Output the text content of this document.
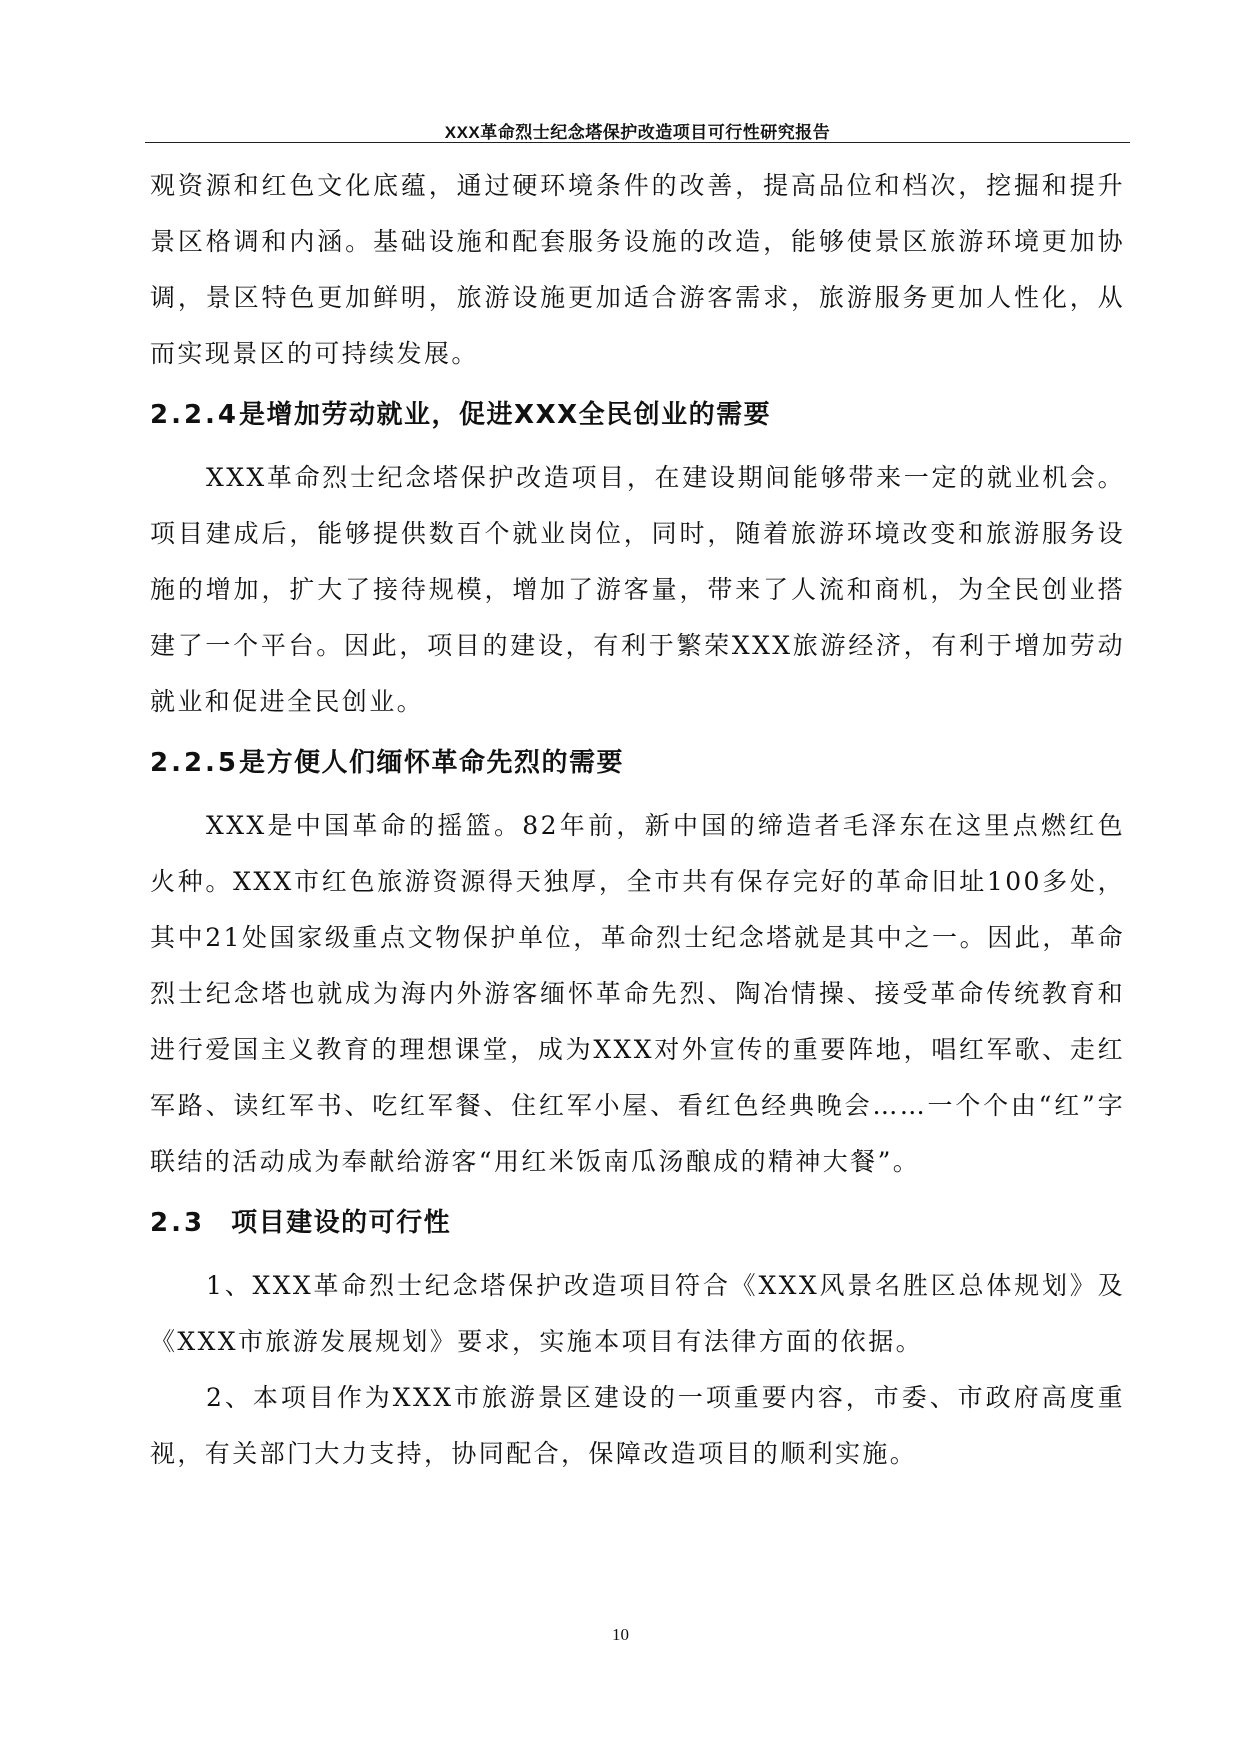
XXX革命烈士纪念塔保护改造项目可行性研究报告

观资源和红色文化底蕴，通过硬环境条件的改善，提高品位和档次，挖掘和提升景区格调和内涵。基础设施和配套服务设施的改造，能够使景区旅游环境更加协调，景区特色更加鲜明，旅游设施更加适合游客需求，旅游服务更加人性化，从而实现景区的可持续发展。

2.2.4是增加劳动就业，促进XXX全民创业的需要

XXX革命烈士纪念塔保护改造项目，在建设期间能够带来一定的就业机会。项目建成后，能够提供数百个就业岗位，同时，随着旅游环境改变和旅游服务设施的增加，扩大了接待规模，增加了游客量，带来了人流和商机，为全民创业搭建了一个平台。因此，项目的建设，有利于繁荣XXX旅游经济，有利于增加劳动就业和促进全民创业。

2.2.5是方便人们缅怀革命先烈的需要

XXX是中国革命的摇篮。82年前，新中国的缔造者毛泽东在这里点燃红色火种。XXX市红色旅游资源得天独厚，全市共有保存完好的革命旧址100多处，其中21处国家级重点文物保护单位，革命烈士纪念塔就是其中之一。因此，革命烈士纪念塔也就成为海内外游客缅怀革命先烈、陶冶情操、接受革命传统教育和进行爱国主义教育的理想课堂，成为XXX对外宣传的重要阵地，唱红军歌、走红军路、读红军书、吃红军餐、住红军小屋、看红色经典晚会……一个个由“红”字联结的活动成为奉献给游客“用红米饭南瓜汤酿成的精神大餐”。

2.3 项目建设的可行性

1、XXX革命烈士纪念塔保护改造项目符合《XXX风景名胜区总体规划》及《XXX市旅游发展规划》要求，实施本项目有法律方面的依据。

2、本项目作为XXX市旅游景区建设的一项重要内容，市委、市政府高度重视，有关部门大力支持，协同配合，保障改造项目的顺利实施。

10
